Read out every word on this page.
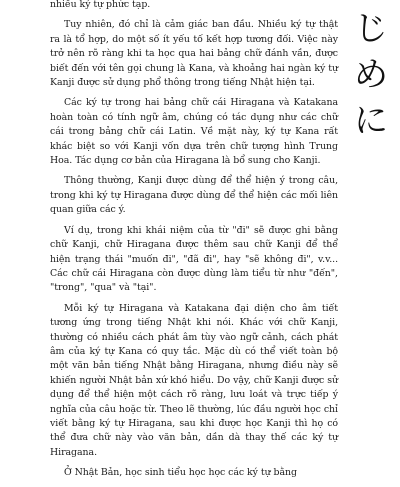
nhiều ký tự phức tạp.

Tuy nhiên, đó chỉ là cảm giác ban đầu. Nhiều ký tự thật ra là tổ hợp, do một số ít yếu tố kết hợp tương đối. Việc này trở nên rõ ràng khi ta học qua hai bảng chữ đánh vần, được biết đến với tên gọi chung là Kana, và khoảng hai ngàn ký tự Kanji được sử dụng phổ thông trong tiếng Nhật hiện tại.

Các ký tự trong hai bảng chữ cái Hiragana và Katakana hoàn toàn có tính ngữ âm, chúng có tác dụng như các chữ cái trong bảng chữ cái Latin. Về mặt này, ký tự Kana rất khác biệt so với Kanji vốn dựa trên chữ tượng hình Trung Hoa. Tác dụng cơ bản của Hiragana là bổ sung cho Kanji.

Thông thường, Kanji được dùng để thể hiện ý trong câu, trong khi ký tự Hiragana được dùng để thể hiện các mối liên quan giữa các ý.

Ví dụ, trong khi khái niệm của từ "đi" sẽ được ghi bằng chữ Kanji, chữ Hiragana được thêm sau chữ Kanji để thể hiện trạng thái "muốn đi", "đã đi", hay "sẽ không đi", v.v... Các chữ cái Hiragana còn được dùng làm tiểu từ như "đến", "trong", "qua" và "tại".

Mỗi ký tự Hiragana và Katakana đại diện cho âm tiết tương ứng trong tiếng Nhật khi nói. Khác với chữ Kanji, thường có nhiều cách phát âm tùy vào ngữ cảnh, cách phát âm của ký tự Kana có quy tắc. Mặc dù có thể viết toàn bộ một văn bản tiếng Nhật bằng Hiragana, nhưng điều này sẽ khiến người Nhật bản xứ khó hiểu. Do vậy, chữ Kanji được sử dụng để thể hiện một cách rõ ràng, lưu loát và trực tiếp ý nghĩa của câu hoặc từ. Theo lẽ thường, lúc đầu người học chỉ viết bằng ký tự Hiragana, sau khi được học Kanji thì họ có thể đưa chữ này vào văn bản, dần dà thay thế các ký tự Hiragana.

Ở Nhật Bản, học sinh tiểu học học các ký tự bằng

じ
め
に
